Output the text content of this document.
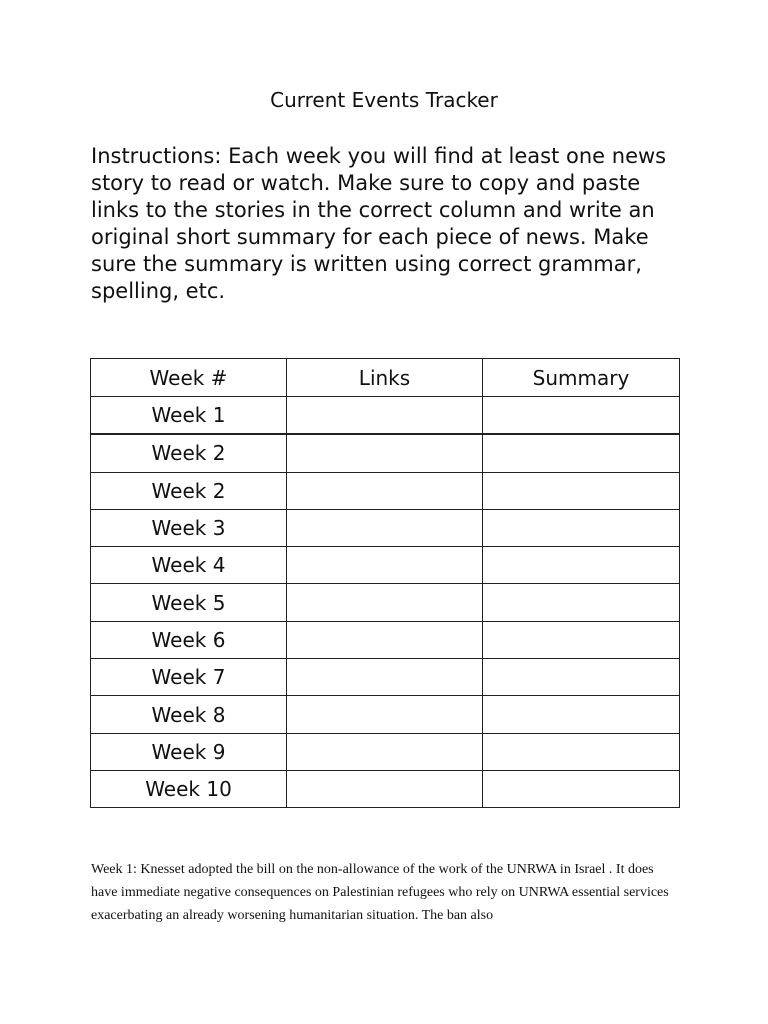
Current Events Tracker

Instructions: Each week you will find at least one news story to read or watch. Make sure to copy and paste links to the stories in the correct column and write an original short summary for each piece of news. Make sure the summary is written using correct grammar, spelling, etc.

Week #	Links	Summary
Week 1		
Week 2		
Week 2		
Week 3		
Week 4		
Week 5		
Week 6		
Week 7		
Week 8		
Week 9		
Week 10		

Week 1: Knesset adopted the bill on the non-allowance of the work of the UNRWA in Israel . It does have immediate negative consequences on Palestinian refugees who rely on UNRWA essential services exacerbating an already worsening humanitarian situation. The ban also
